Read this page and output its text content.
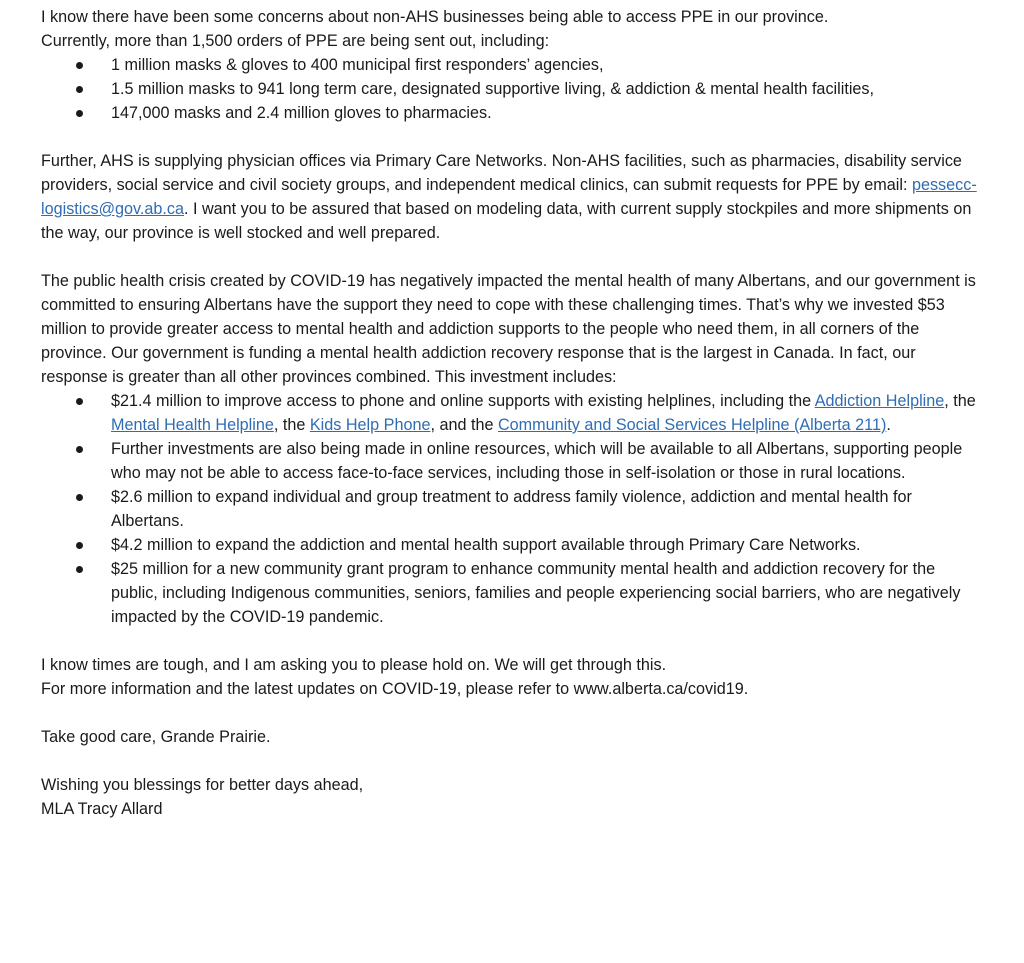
I know there have been some concerns about non-AHS businesses being able to access PPE in our province.

Currently, more than 1,500 orders of PPE are being sent out, including:

1 million masks & gloves to 400 municipal first responders’ agencies,
1.5 million masks to 941 long term care, designated supportive living, & addiction & mental health facilities,
147,000 masks and 2.4 million gloves to pharmacies.

Further, AHS is supplying physician offices via Primary Care Networks. Non-AHS facilities, such as pharmacies, disability service providers, social service and civil society groups, and independent medical clinics, can submit requests for PPE by email: pessecc-logistics@gov.ab.ca. I want you to be assured that based on modeling data, with current supply stockpiles and more shipments on the way, our province is well stocked and well prepared.

The public health crisis created by COVID-19 has negatively impacted the mental health of many Albertans, and our government is committed to ensuring Albertans have the support they need to cope with these challenging times. That’s why we invested $53 million to provide greater access to mental health and addiction supports to the people who need them, in all corners of the province. Our government is funding a mental health addiction recovery response that is the largest in Canada. In fact, our response is greater than all other provinces combined. This investment includes:

$21.4 million to improve access to phone and online supports with existing helplines, including the Addiction Helpline, the Mental Health Helpline, the Kids Help Phone, and the Community and Social Services Helpline (Alberta 211).
Further investments are also being made in online resources, which will be available to all Albertans, supporting people who may not be able to access face-to-face services, including those in self-isolation or those in rural locations.
$2.6 million to expand individual and group treatment to address family violence, addiction and mental health for Albertans.
$4.2 million to expand the addiction and mental health support available through Primary Care Networks.
$25 million for a new community grant program to enhance community mental health and addiction recovery for the public, including Indigenous communities, seniors, families and people experiencing social barriers, who are negatively impacted by the COVID-19 pandemic.

I know times are tough, and I am asking you to please hold on. We will get through this.

For more information and the latest updates on COVID-19, please refer to www.alberta.ca/covid19.

Take good care, Grande Prairie.

Wishing you blessings for better days ahead,

MLA Tracy Allard
